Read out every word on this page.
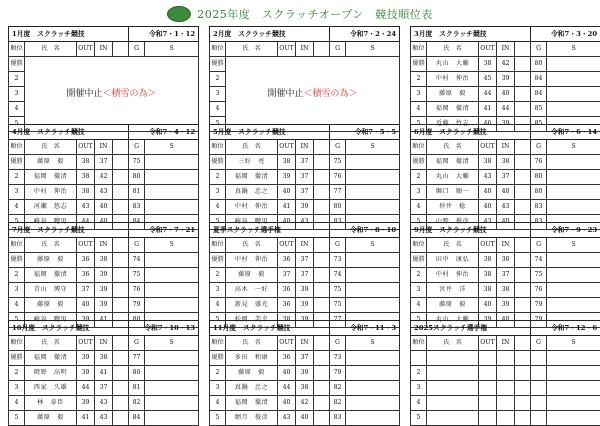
2025年度　スクラッチオープン　競技順位表
1月度　スクラッチ競技					令和7・1・12	
順位	氏　名	OUT	IN		G	S
優勝	開催中止＜積雪の為＞					
2						
3						
4						
5						
2月度　スクラッチ競技					令和7・2・24	
順位	氏　名	OUT	IN		G	S
優勝	開催中止＜積雪の為＞					
2						
3						
4						
5						
3月度　スクラッチ競技					令和7・3・20	
順位	氏　名	OUT	IN		G	S
優勝	丸山　大輔	38	42		80	
2	中村　伸治	45	39		84	
3	藤原　毅	44	40		84	
4	福岡　徹清	41	44		85	
5	近藤　竹志	46	39		85	
4月度　スクラッチ競技					令和7・4・12	
順位	氏　名	OUT	IN		G	S
優勝	藤原　毅	38	37		75	
2	福岡　徹清	38	42		80	
3	中村　伸治	38	43		81	
4	河瀬　悠志	43	40		83	
5	崎谷　聰男	44	40		84	
5月度　スクラッチ競技					令和7・5・5	
順位	氏　名	OUT	IN		G	S
優勝	三好　亮	38	37		75	
2	福岡　徹清	39	37		76	
3	真鍋　忠之	40	37		77	
4	中村　伸治	41	39		80	
5	崎谷　聰男	40	43		83	
6月度　スクラッチ競技					令和7・6・14	
順位	氏　名	OUT	IN		G	S
優勝	福岡　徹清	38	38		76	
2	丸山　大輔	43	37		80	
3	堀口　順一	40	40		80	
4	仲井　稔	40	43		83	
5	山野　俊彦	43	40		83	
7月度　スクラッチ競技					令和7・7・21	
順位	氏　名	OUT	IN		G	S
優勝	藤原　毅	36	38		74	
2	福岡　徹清	36	39		75	
3	青山　博守	37	39		76	
4	藤原　毅	40	39		79	
5	崎谷　聰男	39	41		80	
夏季スクラッチ選手権					令和7・8・10	
順位	氏　名	OUT	IN		G	S
優勝	中村　伸治	36	37		73	
2	藤原　毅	37	37		74	
3	高木　一好	36	39		75	
4	新見　盛光	36	39		75	
5	松岡　美幸	38	39		77	
9月度　スクラッチ競技					令和7・9・23	
順位	氏　名	OUT	IN		G	S
優勝	田中　康弘	38	36		74	
2	中村　伸治	38	37		75	
3	宮井　洋	38	38		76	
4	藤原　毅	40	39		79	
5	丸山　大輔	39	40		79	
10月度　スクラッチ競技					令和7・10・13	
順位	氏　名	OUT	IN		G	S
優勝	福岡　徹清	39	38		77	
2	岡野　高明	39	41		80	
3	西家　久雄	44	37		81	
4	林　泰臣	39	43		82	
5	藤原　毅	41	43		84	
11月度　スクラッチ競技					令和7・11・3	
順位	氏　名	OUT	IN		G	S
優勝	多田　和康	36	37		73	
2	藤原　毅	40	39		79	
3	真鍋　忠之	44	38		82	
4	福岡　徹清	40	42		82	
5	網月　俊彦	43	40		83	
2025スクラッチ選手権					令和7・12・6	
順位	氏　名	OUT	IN		G	S

2						
3						
4						
5						
